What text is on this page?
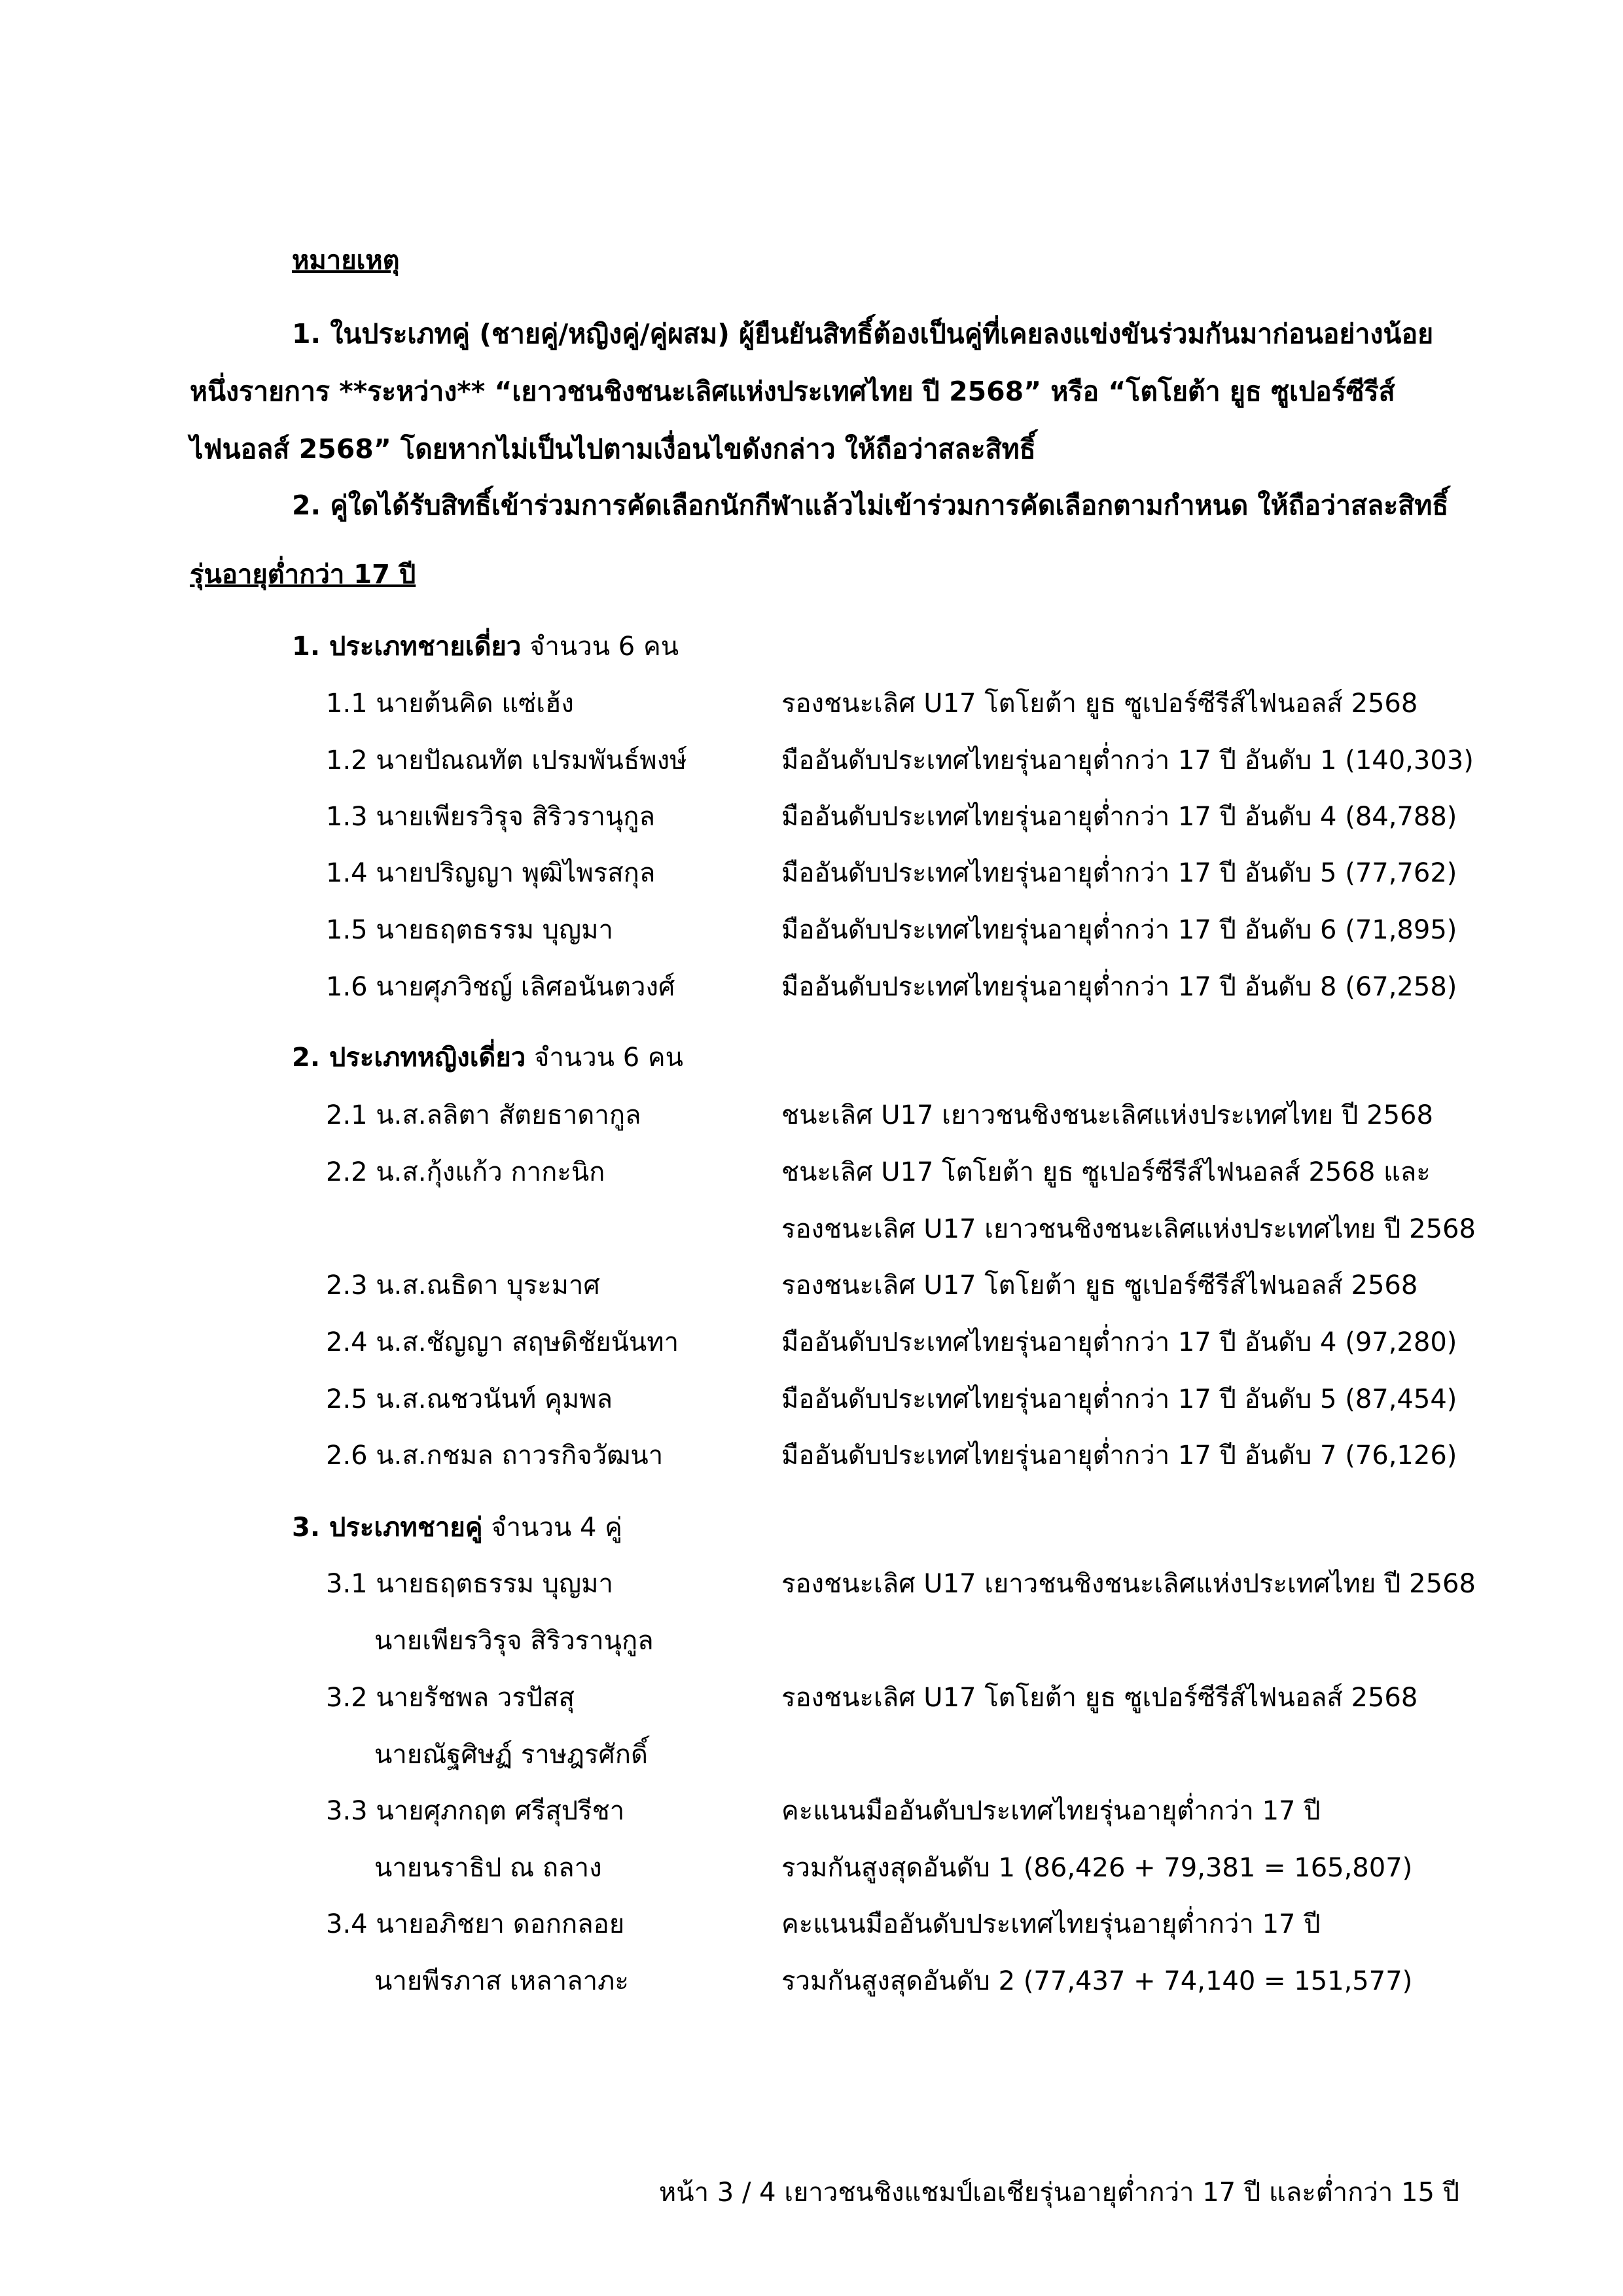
หมายเหตุ
1. ในประเภทคู่ (ชายคู่/หญิงคู่/คู่ผสม) ผู้ยืนยันสิทธิ์ต้องเป็นคู่ที่เคยลงแข่งขันร่วมกันมาก่อนอย่างน้อย
หนึ่งรายการ **ระหว่าง** “เยาวชนชิงชนะเลิศแห่งประเทศไทย ปี 2568” หรือ “โตโยต้า ยูธ ซูเปอร์ซีรีส์
ไฟนอลส์ 2568” โดยหากไม่เป็นไปตามเงื่อนไขดังกล่าว ให้ถือว่าสละสิทธิ์
2. คู่ใดได้รับสิทธิ์เข้าร่วมการคัดเลือกนักกีฬาแล้วไม่เข้าร่วมการคัดเลือกตามกำหนด ให้ถือว่าสละสิทธิ์
รุ่นอายุต่ำกว่า 17 ปี
1. ประเภทชายเดี่ยว จำนวน 6 คน
1.1 นายต้นคิด แซ่เฮ้ง	รองชนะเลิศ U17 โตโยต้า ยูธ ซูเปอร์ซีรีส์ไฟนอลส์ 2568
1.2 นายปัณณทัต เปรมพันธ์พงษ์	มืออันดับประเทศไทยรุ่นอายุต่ำกว่า 17 ปี อันดับ 1 (140,303)
1.3 นายเพียรวิรุจ สิริวรานุกูล	มืออันดับประเทศไทยรุ่นอายุต่ำกว่า 17 ปี อันดับ 4 (84,788)
1.4 นายปริญญา พุฒิไพรสกุล	มืออันดับประเทศไทยรุ่นอายุต่ำกว่า 17 ปี อันดับ 5 (77,762)
1.5 นายธฤตธรรม บุญมา	มืออันดับประเทศไทยรุ่นอายุต่ำกว่า 17 ปี อันดับ 6 (71,895)
1.6 นายศุภวิชญ์ เลิศอนันตวงศ์	มืออันดับประเทศไทยรุ่นอายุต่ำกว่า 17 ปี อันดับ 8 (67,258)
2. ประเภทหญิงเดี่ยว จำนวน 6 คน
2.1 น.ส.ลลิตา สัตยธาดากูล	ชนะเลิศ U17 เยาวชนชิงชนะเลิศแห่งประเทศไทย ปี 2568
2.2 น.ส.กุ้งแก้ว กากะนิก	ชนะเลิศ U17 โตโยต้า ยูธ ซูเปอร์ซีรีส์ไฟนอลส์ 2568 และ
รองชนะเลิศ U17 เยาวชนชิงชนะเลิศแห่งประเทศไทย ปี 2568
2.3 น.ส.ณธิดา บุระมาศ	รองชนะเลิศ U17 โตโยต้า ยูธ ซูเปอร์ซีรีส์ไฟนอลส์ 2568
2.4 น.ส.ชัญญา สฤษดิชัยนันทา	มืออันดับประเทศไทยรุ่นอายุต่ำกว่า 17 ปี อันดับ 4 (97,280)
2.5 น.ส.ณชวนันท์ คุมพล	มืออันดับประเทศไทยรุ่นอายุต่ำกว่า 17 ปี อันดับ 5 (87,454)
2.6 น.ส.กชมล ถาวรกิจวัฒนา	มืออันดับประเทศไทยรุ่นอายุต่ำกว่า 17 ปี อันดับ 7 (76,126)
3. ประเภทชายคู่ จำนวน 4 คู่
3.1 นายธฤตธรรม บุญมา	รองชนะเลิศ U17 เยาวชนชิงชนะเลิศแห่งประเทศไทย ปี 2568
นายเพียรวิรุจ สิริวรานุกูล
3.2 นายรัชพล วรปัสสุ	รองชนะเลิศ U17 โตโยต้า ยูธ ซูเปอร์ซีรีส์ไฟนอลส์ 2568
นายณัฐศิษฏ์ ราษฎรศักดิ์
3.3 นายศุภกฤต ศรีสุปรีชา	คะแนนมืออันดับประเทศไทยรุ่นอายุต่ำกว่า 17 ปี
นายนราธิป ณ ถลาง	รวมกันสูงสุดอันดับ 1 (86,426 + 79,381 = 165,807)
3.4 นายอภิชยา ดอกกลอย	คะแนนมืออันดับประเทศไทยรุ่นอายุต่ำกว่า 17 ปี
นายพีรภาส เหลาลาภะ	รวมกันสูงสุดอันดับ 2 (77,437 + 74,140 = 151,577)
หน้า 3 / 4 เยาวชนชิงแชมป์เอเชียรุ่นอายุต่ำกว่า 17 ปี และต่ำกว่า 15 ปี
